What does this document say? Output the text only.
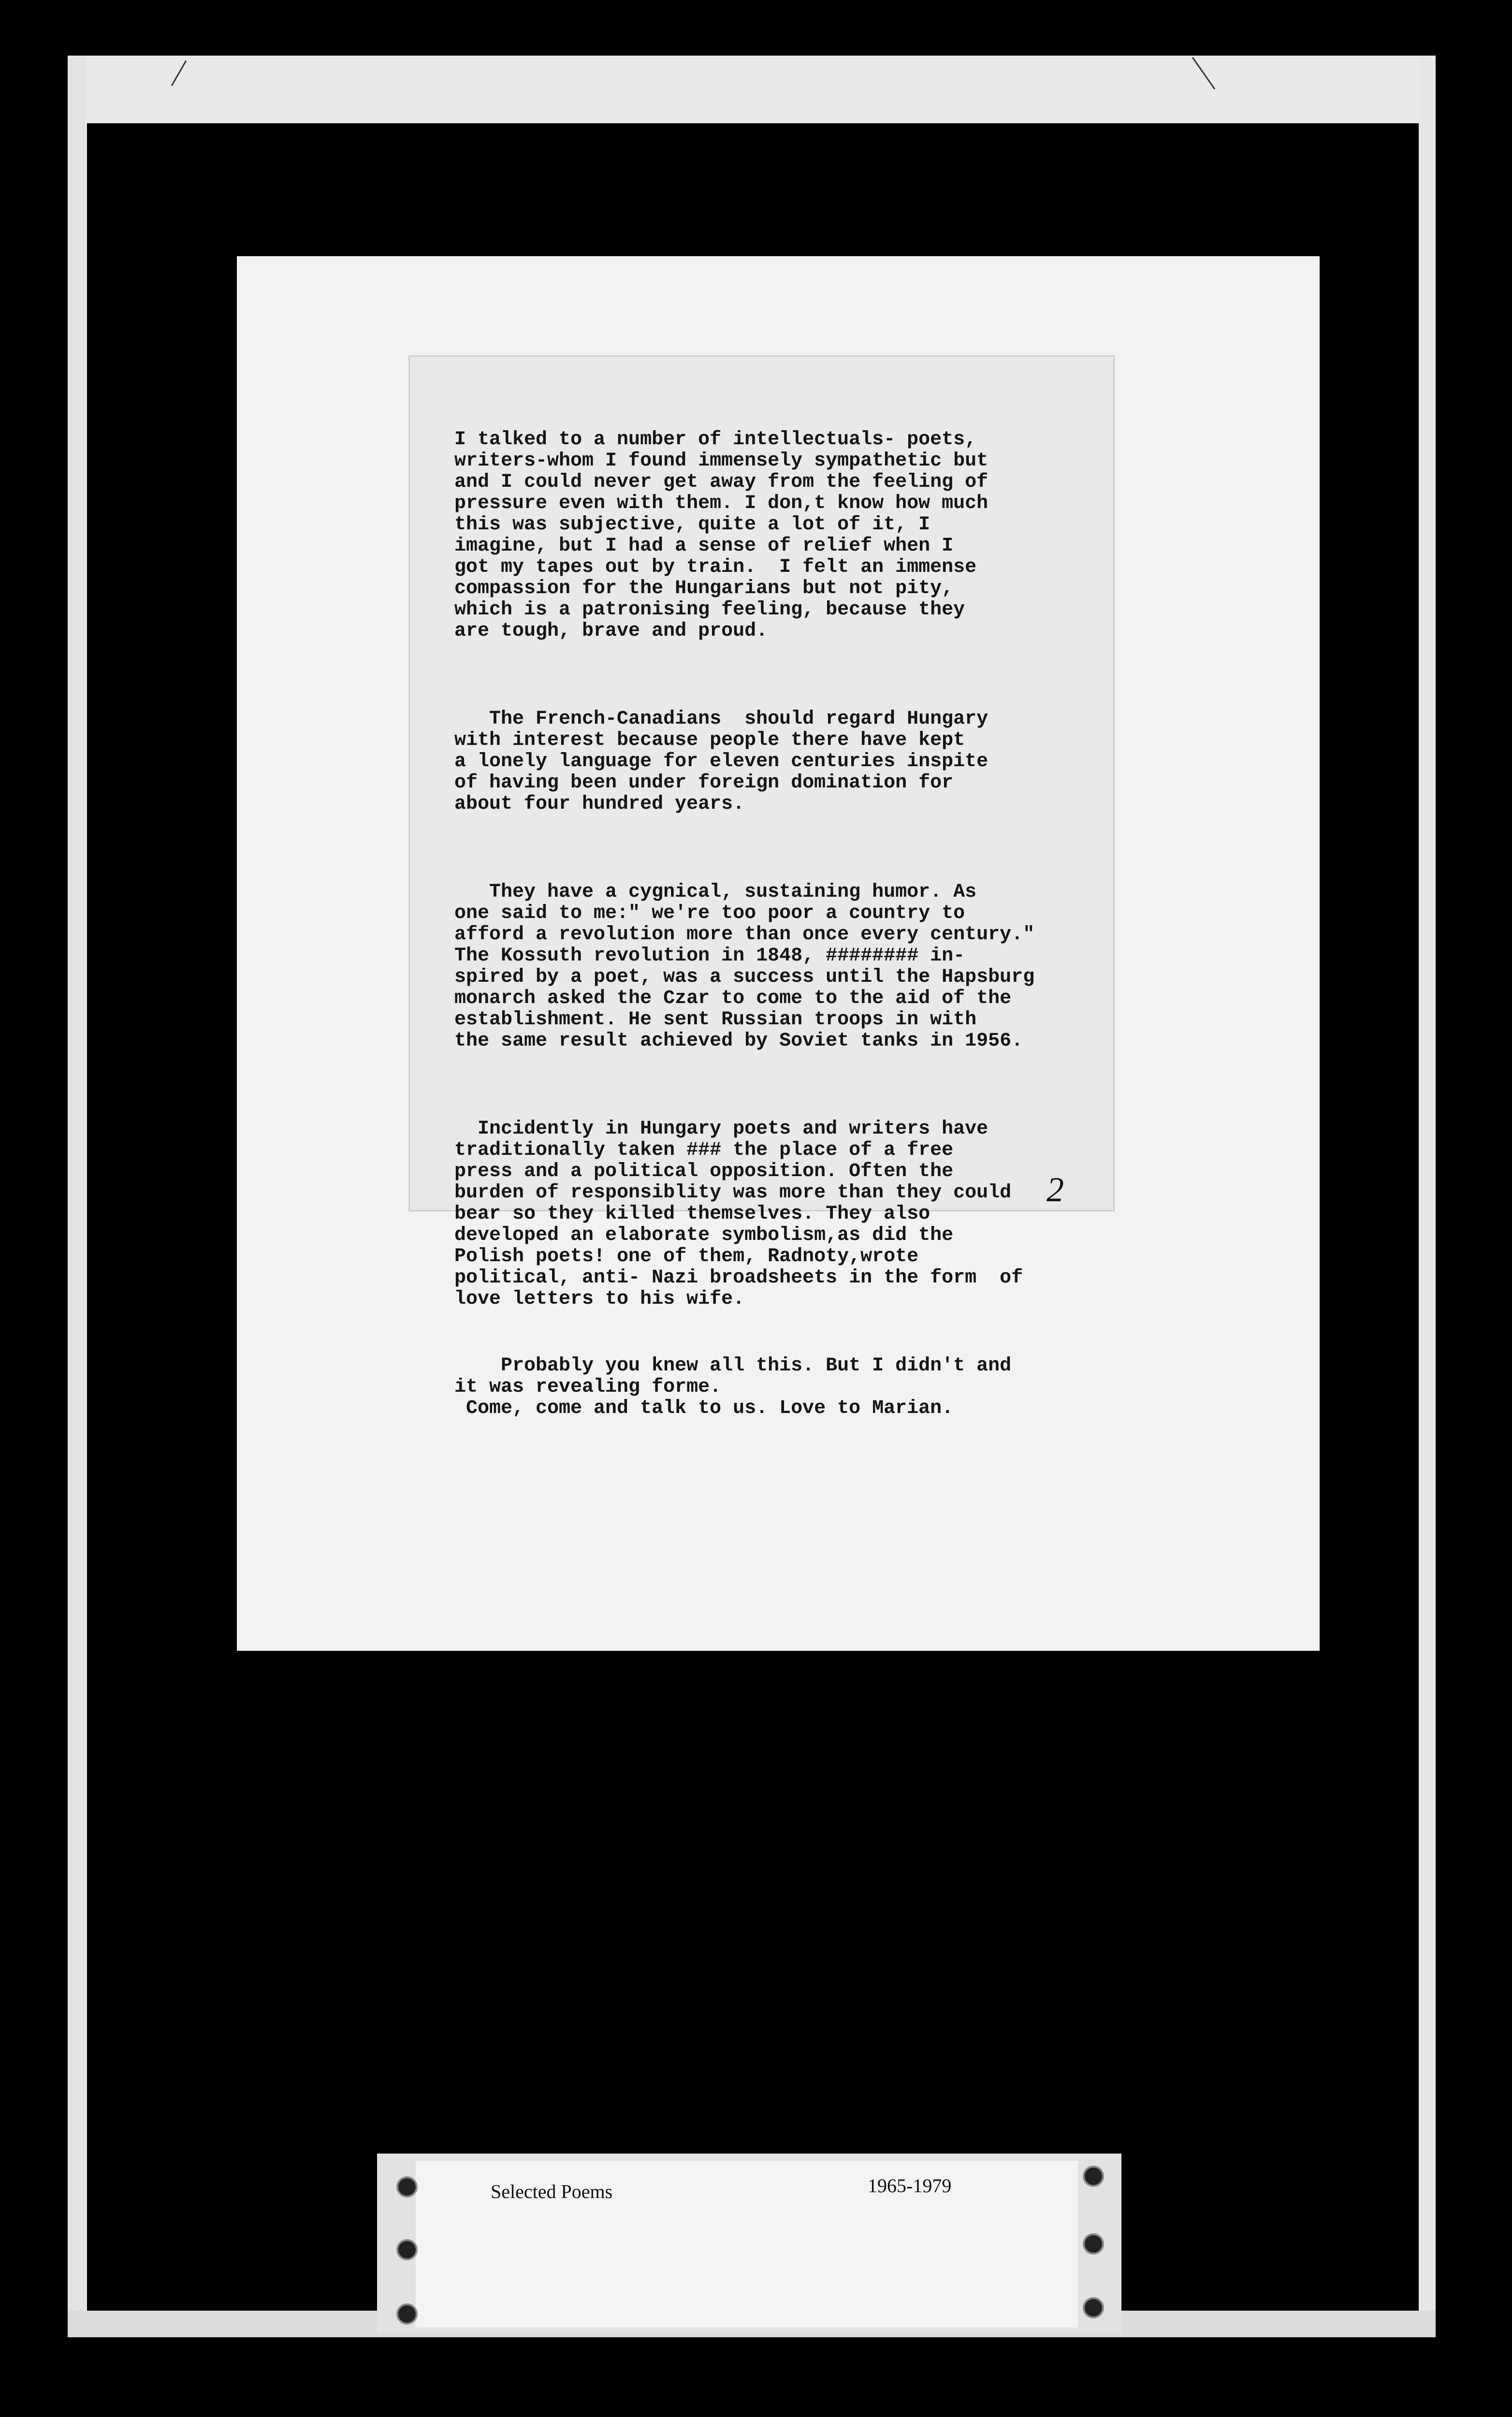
I talked to a number of intellectuals- poets,
writers-whom I found immensely sympathetic but
and I could never get away from the feeling of
pressure even with them. I don,t know how much
this was subjective, quite a lot of it, I
imagine, but I had a sense of relief when I
got my tapes out by train.  I felt an immense
compassion for the Hungarians but not pity,
which is a patronising feeling, because they
are tough, brave and proud.

The French-Canadians  should regard Hungary
with interest because people there have kept
a lonely language for eleven centuries inspite
of having been under foreign domination for
about four hundred years.

They have a cygnical, sustaining humor. As
one said to me:" we're too poor a country to
afford a revolution more than once every century."
The Kossuth revolution in 1848, ######## in-
spired by a poet, was a success until the Hapsburg
monarch asked the Czar to come to the aid of the
establishment. He sent Russian troops in with
the same result achieved by Soviet tanks in 1956.

Incidently in Hungary poets and writers have
traditionally taken ### the place of a free
press and a political opposition. Often the
burden of responsiblity was more than they could
bear so they killed themselves. They also
developed an elaborate symbolism,as did the
Polish poets! one of them, Radnoty,wrote
political, anti- Nazi broadsheets in the form  of
love letters to his wife.

Probably you knew all this. But I didn't and
it was revealing forme.
Come, come and talk to us. Love to Marian.

2
Selected Poems	1965-1979
